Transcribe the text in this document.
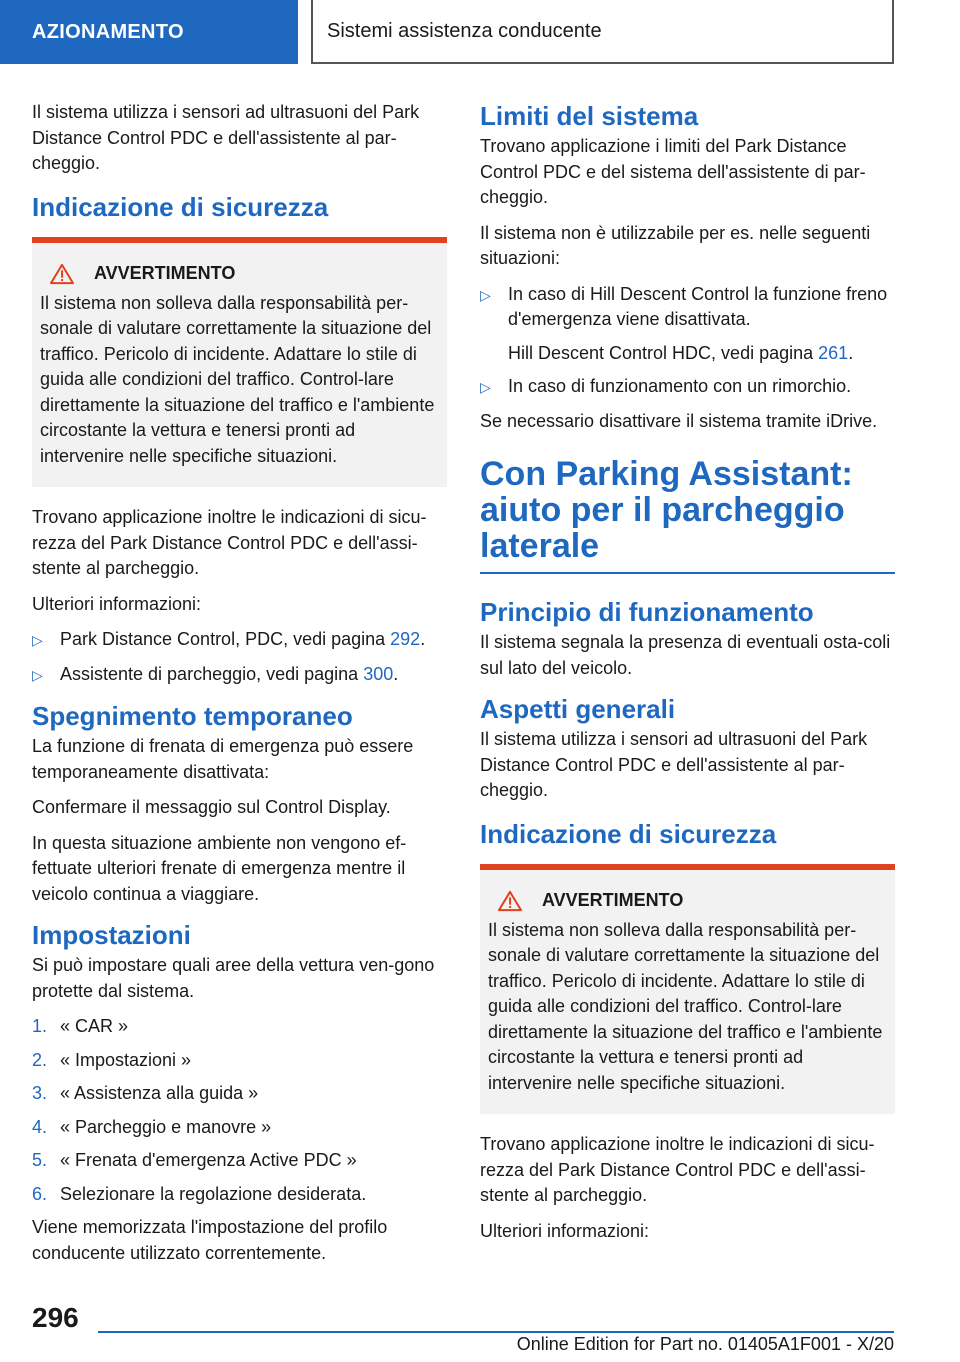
AZIONAMENTO	Sistemi assistenza conducente

Il sistema utilizza i sensori ad ultrasuoni del Park Distance Control PDC e dell'assistente al par-cheggio.

Indicazione di sicurezza
AVVERTIMENTO

Il sistema non solleva dalla responsabilità per-sonale di valutare correttamente la situazione del traffico. Pericolo di incidente. Adattare lo stile di guida alle condizioni del traffico. Control-lare direttamente la situazione del traffico e l'ambiente circostante la vettura e tenersi pronti ad intervenire nelle specifiche situazioni.

Trovano applicazione inoltre le indicazioni di sicu-rezza del Park Distance Control PDC e dell'assi-stente al parcheggio.

Ulteriori informazioni:

▷ Park Distance Control, PDC, vedi pagina 292.
▷ Assistente di parcheggio, vedi pagina 300.
Spegnimento temporaneo

La funzione di frenata di emergenza può essere temporaneamente disattivata:

Confermare il messaggio sul Control Display.

In questa situazione ambiente non vengono ef-fettuate ulteriori frenate di emergenza mentre il veicolo continua a viaggiare.

Impostazioni

Si può impostare quali aree della vettura ven-gono protette dal sistema.

1. « CAR »
2. « Impostazioni »
3. « Assistenza alla guida »
4. « Parcheggio e manovre »
5. « Frenata d'emergenza Active PDC »
6. Selezionare la regolazione desiderata.

Viene memorizzata l'impostazione del profilo conducente utilizzato correntemente.

Limiti del sistema

Trovano applicazione i limiti del Park Distance Control PDC e del sistema dell'assistente di par-cheggio.

Il sistema non è utilizzabile per es. nelle seguenti situazioni:

▷ In caso di Hill Descent Control la funzione freno d'emergenza viene disattivata.
Hill Descent Control HDC, vedi pagina 261.
▷ In caso di funzionamento con un rimorchio.

Se necessario disattivare il sistema tramite iDrive.

Con Parking Assistant: aiuto per il parcheggio laterale
Principio di funzionamento

Il sistema segnala la presenza di eventuali osta-coli sul lato del veicolo.

Aspetti generali

Il sistema utilizza i sensori ad ultrasuoni del Park Distance Control PDC e dell'assistente al par-cheggio.

Indicazione di sicurezza
AVVERTIMENTO

Il sistema non solleva dalla responsabilità per-sonale di valutare correttamente la situazione del traffico. Pericolo di incidente. Adattare lo stile di guida alle condizioni del traffico. Control-lare direttamente la situazione del traffico e l'ambiente circostante la vettura e tenersi pronti ad intervenire nelle specifiche situazioni.

Trovano applicazione inoltre le indicazioni di sicu-rezza del Park Distance Control PDC e dell'assi-stente al parcheggio.

Ulteriori informazioni:

296
Online Edition for Part no. 01405A1F001 - X/20
